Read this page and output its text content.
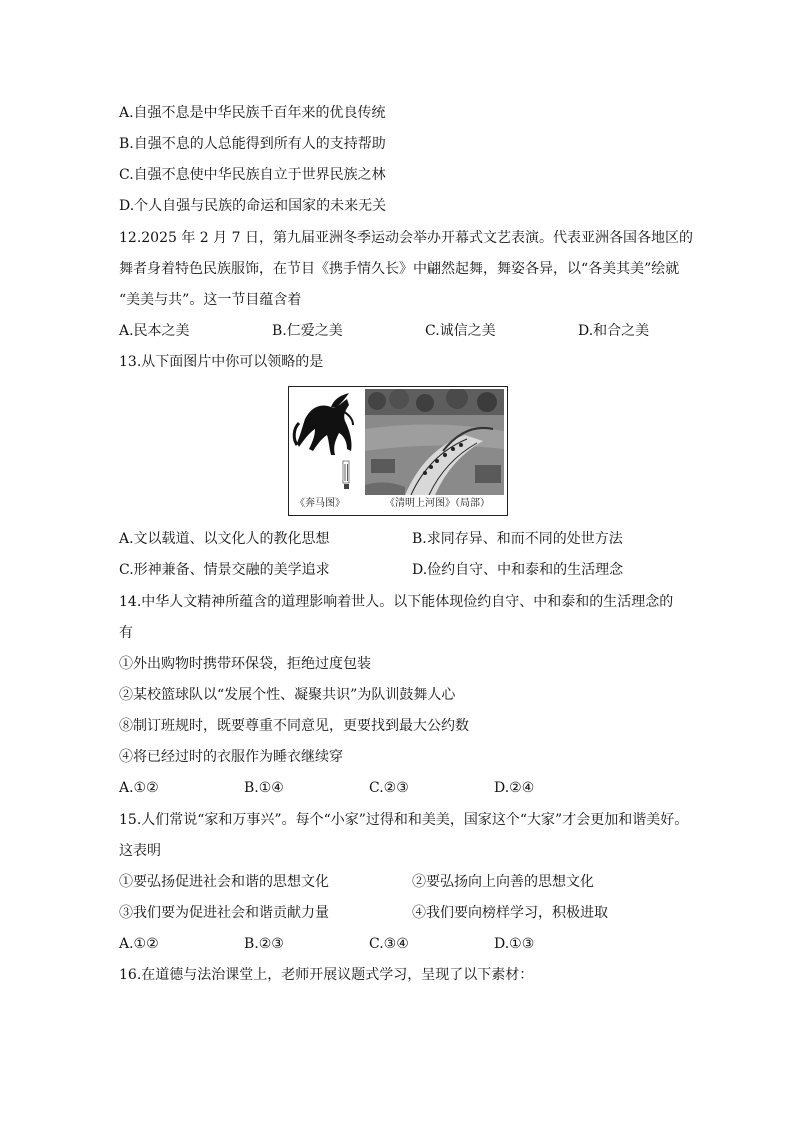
A.自强不息是中华民族千百年来的优良传统
B.自强不息的人总能得到所有人的支持帮助
C.自强不息使中华民族自立于世界民族之林
D.个人自强与民族的命运和国家的未来无关
12.2025 年 2 月 7 日，第九届亚洲冬季运动会举办开幕式文艺表演。代表亚洲各国各地区的
舞者身着特色民族服饰，在节目《携手情久长》中翩然起舞，舞姿各异，以“各美其美”绘就
“美美与共”。这一节目蕴含着
A.民本之美	B.仁爱之美	C.诚信之美	D.和合之美
13.从下面图片中你可以领略的是
《奔马图》	《清明上河图》（局部）
A.文以载道、以文化人的教化思想	B.求同存异、和而不同的处世方法
C.形神兼备、情景交融的美学追求	D.俭约自守、中和泰和的生活理念
14.中华人文精神所蕴含的道理影响着世人。以下能体现俭约自守、中和泰和的生活理念的
有
①外出购物时携带环保袋，拒绝过度包装
②某校篮球队以“发展个性、凝聚共识”为队训鼓舞人心
⑧制订班规时，既要尊重不同意见，更要找到最大公约数
④将已经过时的衣服作为睡衣继续穿
A.①②	B.①④	C.②③	D.②④
15.人们常说“家和万事兴”。每个“小家”过得和和美美，国家这个“大家”才会更加和谐美好。
这表明
①要弘扬促进社会和谐的思想文化	②要弘扬向上向善的思想文化
③我们要为促进社会和谐贡献力量	④我们要向榜样学习，积极进取
A.①②	B.②③	C.③④	D.①③
16.在道德与法治课堂上，老师开展议题式学习，呈现了以下素材：
